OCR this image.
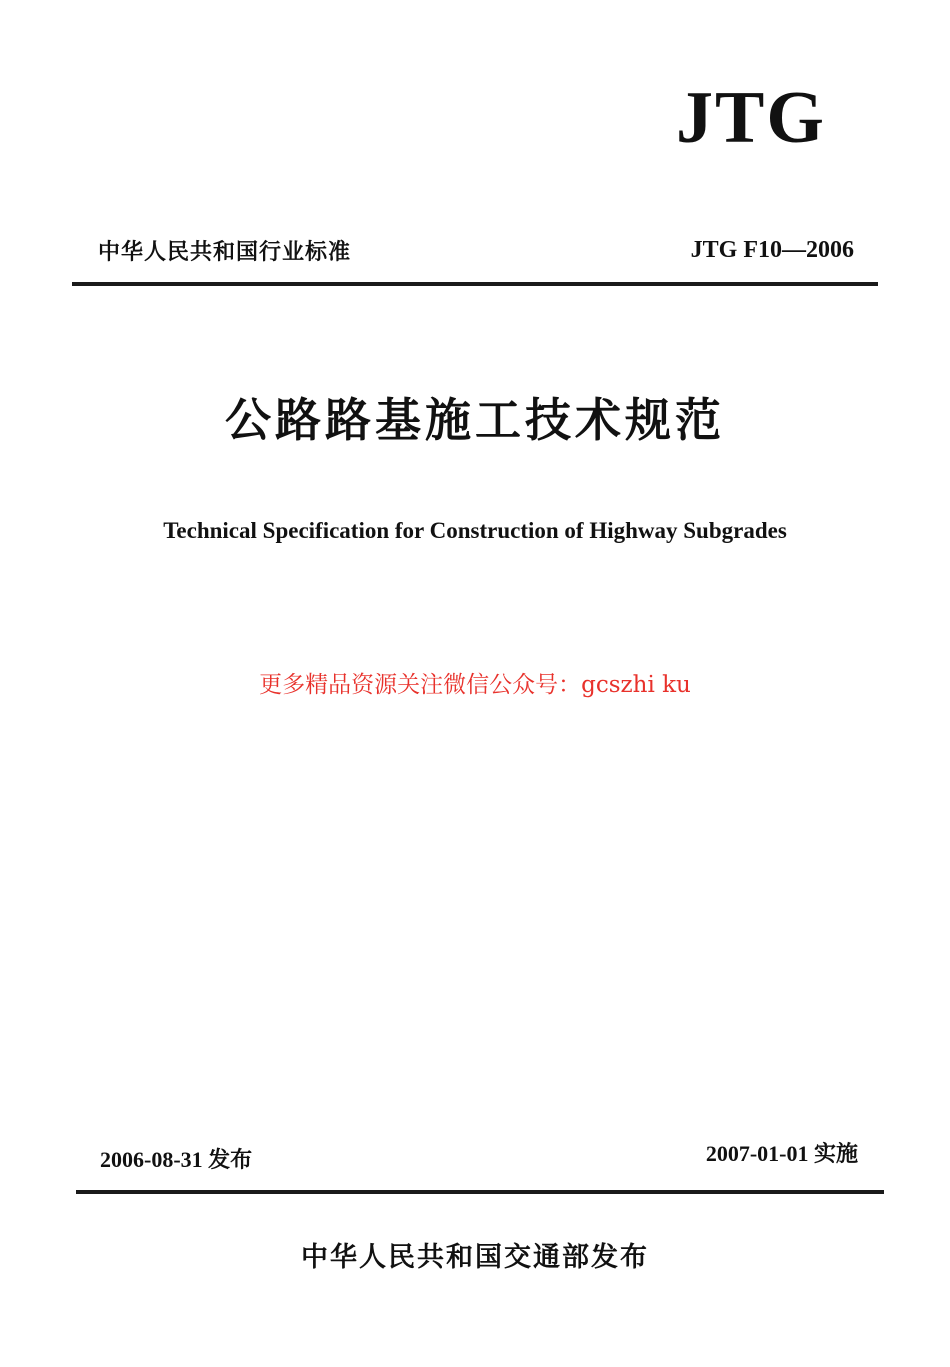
JTG
中华人民共和国行业标准	JTG F10—2006
公路路基施工技术规范
Technical Specification for Construction of Highway Subgrades
更多精品资源关注微信公众号：gcszhi ku
2006-08-31 发布	2007-01-01 实施
中华人民共和国交通部发布
